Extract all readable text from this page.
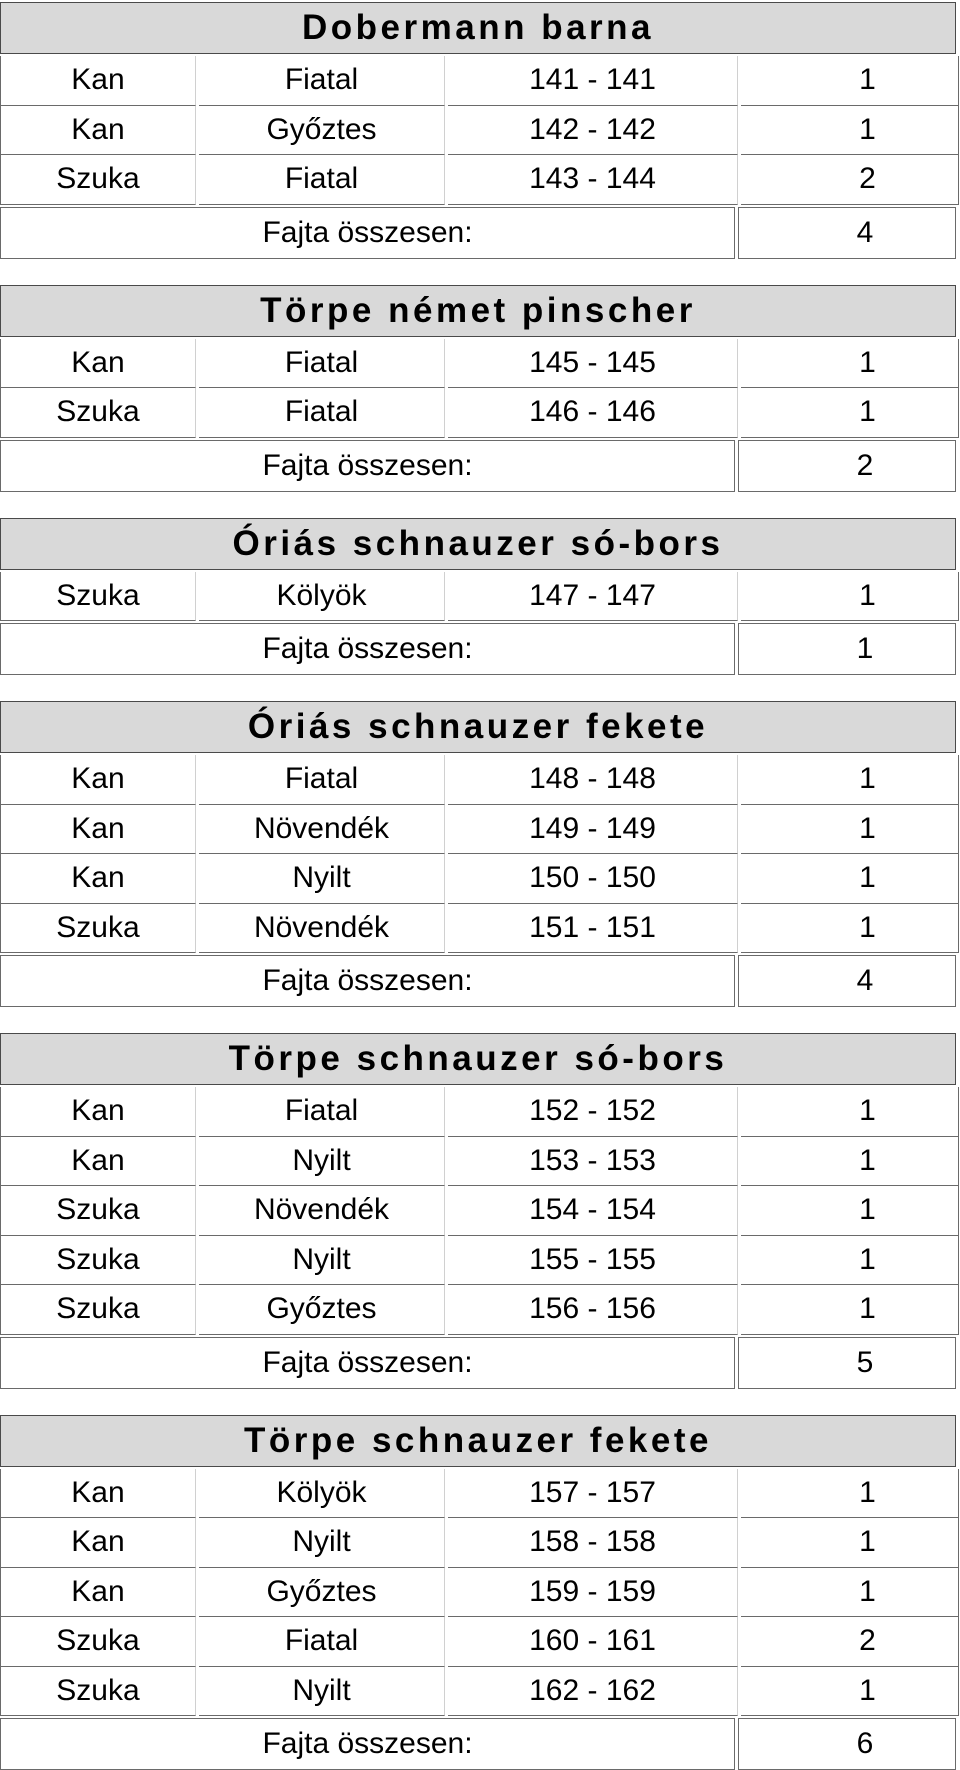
Dobermann barna
Kan	Fiatal	141 - 141	1
Kan	Győztes	142 - 142	1
Szuka	Fiatal	143 - 144	2
Fajta összesen:	4
Törpe német pinscher
Kan	Fiatal	145 - 145	1
Szuka	Fiatal	146 - 146	1
Fajta összesen:	2
Óriás schnauzer só-bors
Szuka	Kölyök	147 - 147	1
Fajta összesen:	1
Óriás schnauzer fekete
Kan	Fiatal	148 - 148	1
Kan	Növendék	149 - 149	1
Kan	Nyilt	150 - 150	1
Szuka	Növendék	151 - 151	1
Fajta összesen:	4
Törpe schnauzer só-bors
Kan	Fiatal	152 - 152	1
Kan	Nyilt	153 - 153	1
Szuka	Növendék	154 - 154	1
Szuka	Nyilt	155 - 155	1
Szuka	Győztes	156 - 156	1
Fajta összesen:	5
Törpe schnauzer fekete
Kan	Kölyök	157 - 157	1
Kan	Nyilt	158 - 158	1
Kan	Győztes	159 - 159	1
Szuka	Fiatal	160 - 161	2
Szuka	Nyilt	162 - 162	1
Fajta összesen:	6
